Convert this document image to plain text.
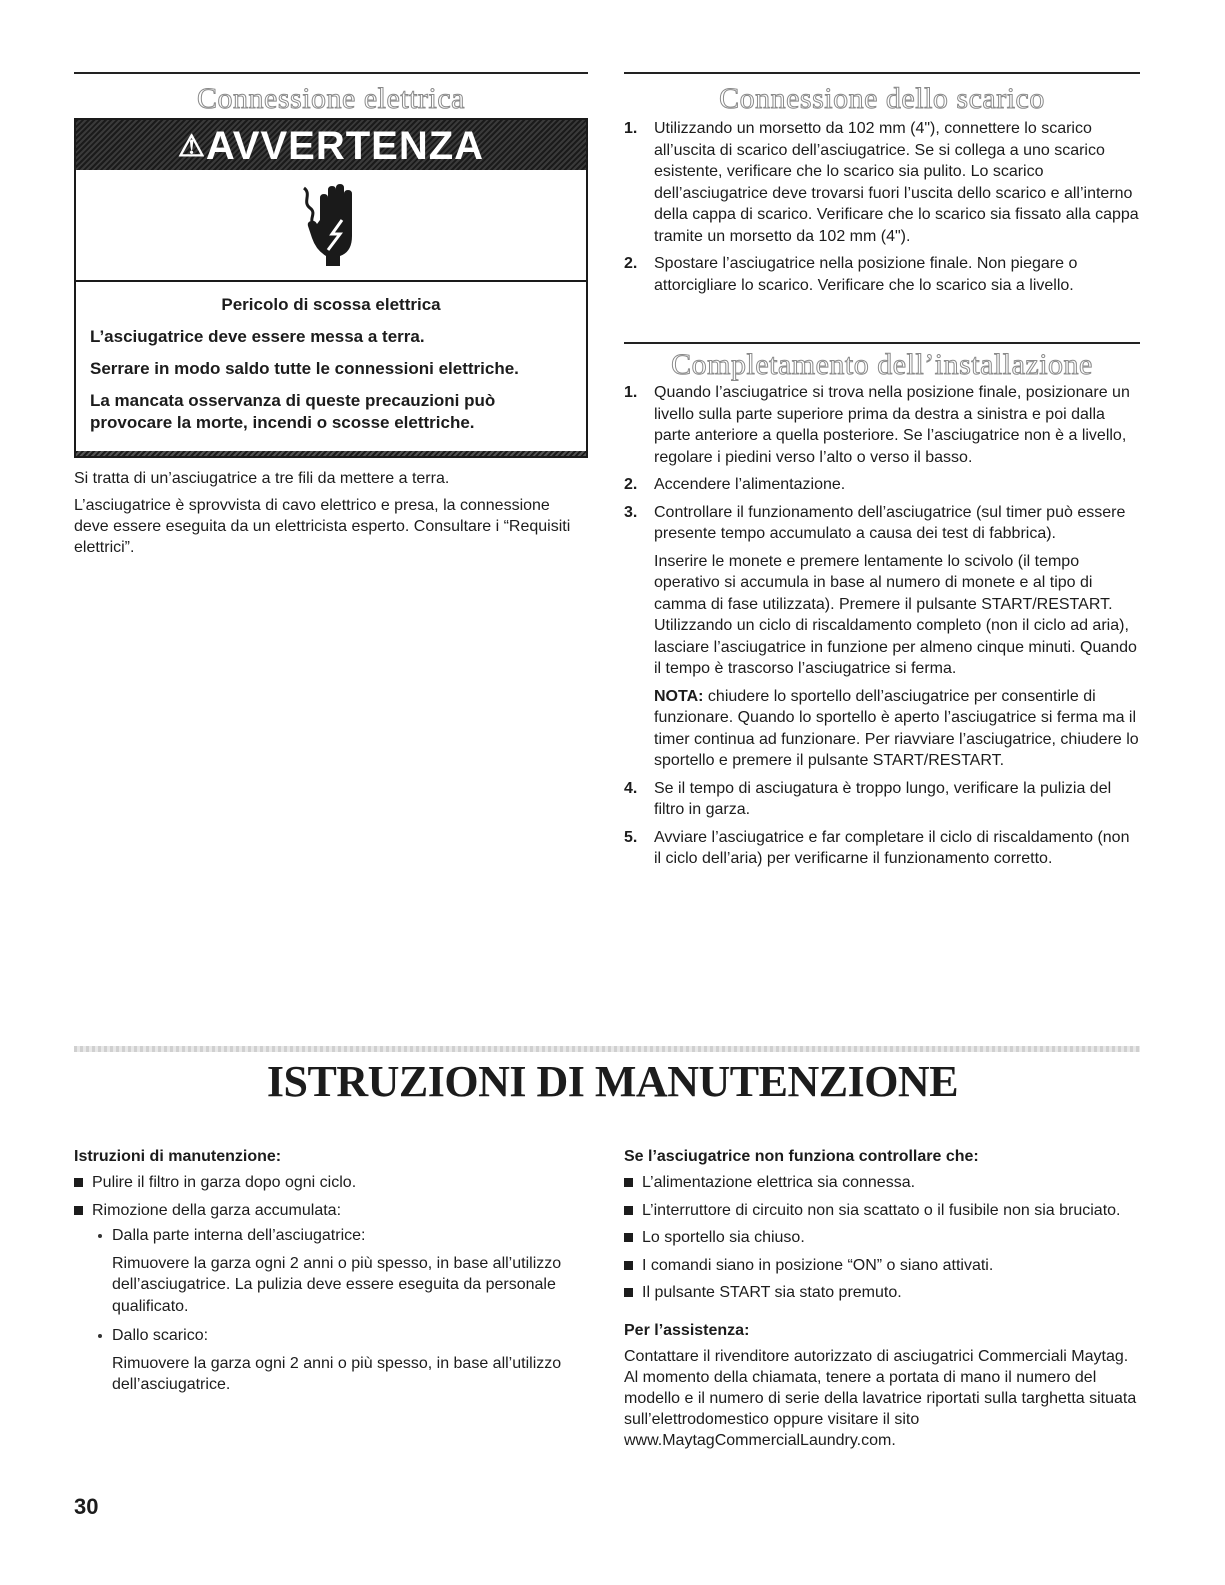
Connessione elettrica
⚠AVVERTENZA

Pericolo di scossa elettrica

L’asciugatrice deve essere messa a terra.

Serrare in modo saldo tutte le connessioni elettriche.

La mancata osservanza di queste precauzioni può provocare la morte, incendi o scosse elettriche.

Si tratta di un’asciugatrice a tre fili da mettere a terra.

L’asciugatrice è sprovvista di cavo elettrico e presa, la connessione deve essere eseguita da un elettricista esperto. Consultare i “Requisiti elettrici”.

Connessione dello scarico
1. Utilizzando un morsetto da 102 mm (4"), connettere lo scarico all’uscita di scarico dell’asciugatrice. Se si collega a uno scarico esistente, verificare che lo scarico sia pulito. Lo scarico dell’asciugatrice deve trovarsi fuori l’uscita dello scarico e all’interno della cappa di scarico. Verificare che lo scarico sia fissato alla cappa tramite un morsetto da 102 mm (4").
2. Spostare l’asciugatrice nella posizione finale. Non piegare o attorcigliare lo scarico. Verificare che lo scarico sia a livello.
Completamento dell’installazione
1. Quando l’asciugatrice si trova nella posizione finale, posizionare un livello sulla parte superiore prima da destra a sinistra e poi dalla parte anteriore a quella posteriore. Se l’asciugatrice non è a livello, regolare i piedini verso l’alto o verso il basso.
2. Accendere l’alimentazione.
3. Controllare il funzionamento dell’asciugatrice (sul timer può essere presente tempo accumulato a causa dei test di fabbrica).

Inserire le monete e premere lentamente lo scivolo (il tempo operativo si accumula in base al numero di monete e al tipo di camma di fase utilizzata). Premere il pulsante START/RESTART. Utilizzando un ciclo di riscaldamento completo (non il ciclo ad aria), lasciare l’asciugatrice in funzione per almeno cinque minuti. Quando il tempo è trascorso l’asciugatrice si ferma.

NOTA: chiudere lo sportello dell’asciugatrice per consentirle di funzionare. Quando lo sportello è aperto l’asciugatrice si ferma ma il timer continua ad funzionare. Per riavviare l’asciugatrice, chiudere lo sportello e premere il pulsante START/RESTART.

4. Se il tempo di asciugatura è troppo lungo, verificare la pulizia del filtro in garza.
5. Avviare l’asciugatrice e far completare il ciclo di riscaldamento (non il ciclo dell’aria) per verificarne il funzionamento corretto.
ISTRUZIONI DI MANUTENZIONE
Istruzioni di manutenzione:
Pulire il filtro in garza dopo ogni ciclo.
Rimozione della garza accumulata:
Dalla parte interna dell’asciugatrice:

Rimuovere la garza ogni 2 anni o più spesso, in base all’utilizzo dell’asciugatrice. La pulizia deve essere eseguita da personale qualificato.

Dallo scarico:

Rimuovere la garza ogni 2 anni o più spesso, in base all’utilizzo dell’asciugatrice.

Se l’asciugatrice non funziona controllare che:
L’alimentazione elettrica sia connessa.
L’interruttore di circuito non sia scattato o il fusibile non sia bruciato.
Lo sportello sia chiuso.
I comandi siano in posizione “ON” o siano attivati.
Il pulsante START sia stato premuto.
Per l’assistenza:

Contattare il rivenditore autorizzato di asciugatrici Commerciali Maytag. Al momento della chiamata, tenere a portata di mano il numero del modello e il numero di serie della lavatrice riportati sulla targhetta situata sull’elettrodomestico oppure visitare il sito www.MaytagCommercialLaundry.com.

30
